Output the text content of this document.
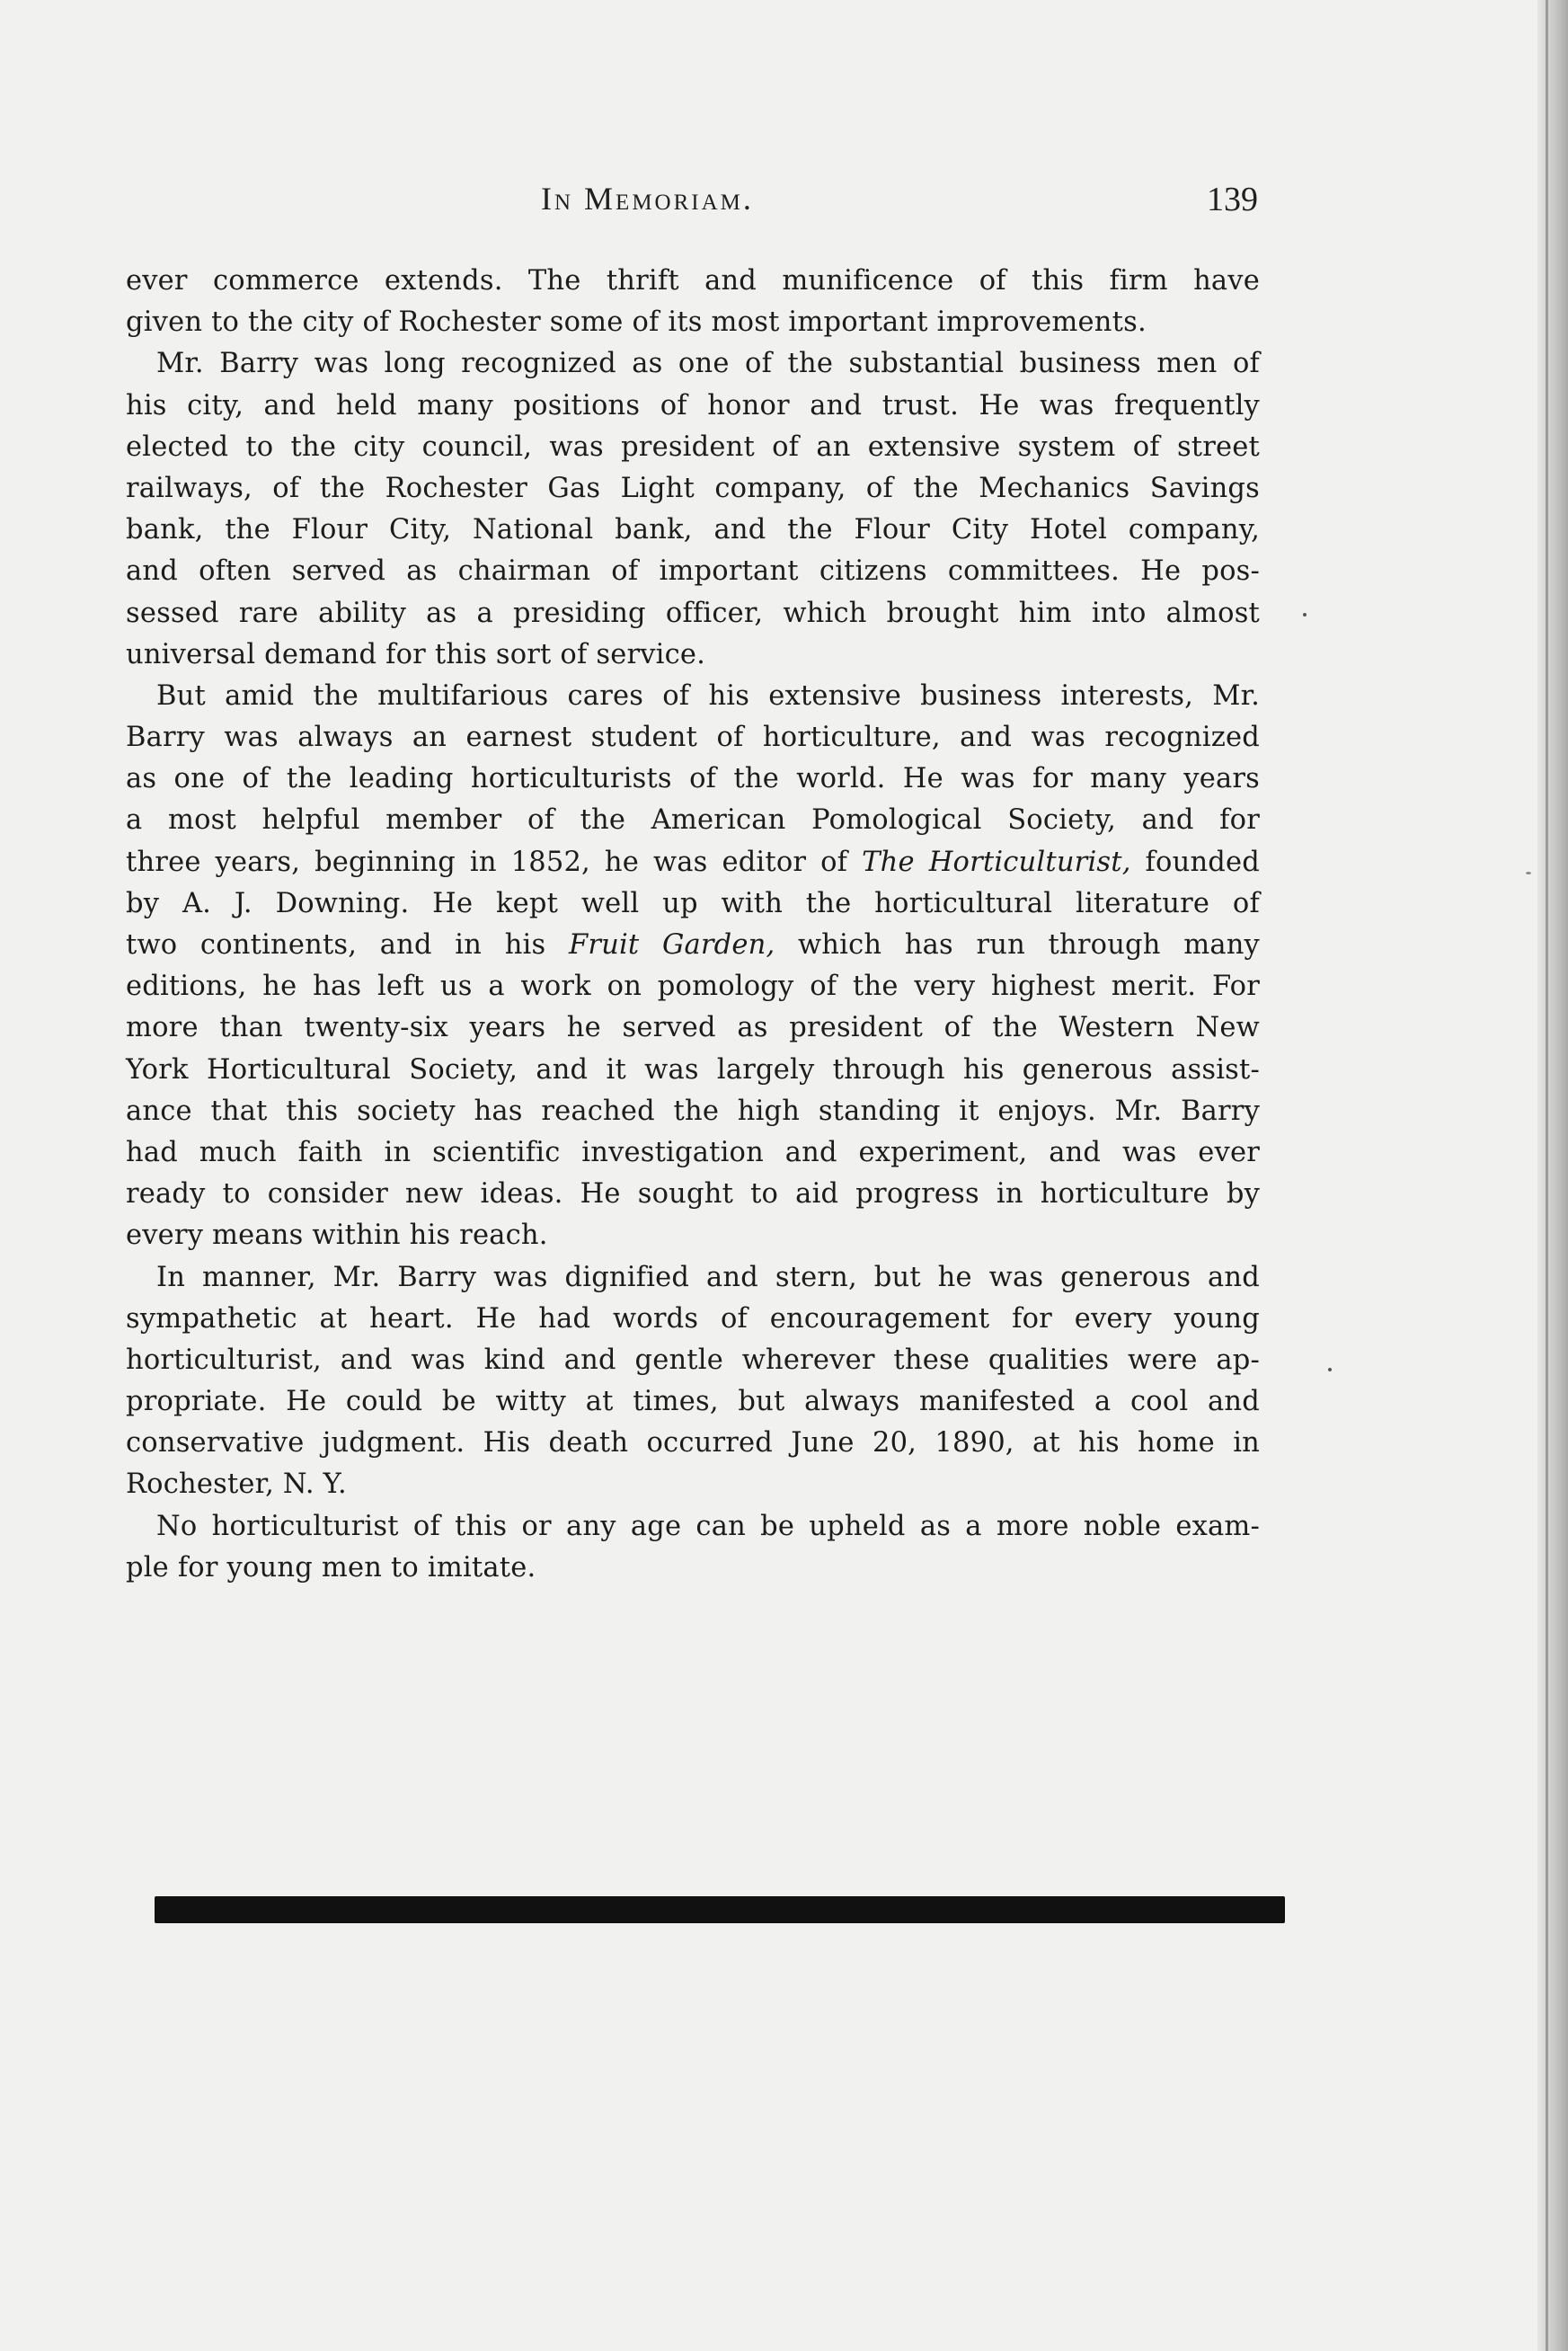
In Memoriam.	139
ever commerce extends. The thrift and munificence of this firm have
given to the city of Rochester some of its most important improvements.
Mr. Barry was long recognized as one of the substantial business men of
his city, and held many positions of honor and trust. He was frequently
elected to the city council, was president of an extensive system of street
railways, of the Rochester Gas Light company, of the Mechanics Savings
bank, the Flour City, National bank, and the Flour City Hotel company,
and often served as chairman of important citizens committees. He pos-
sessed rare ability as a presiding officer, which brought him into almost
universal demand for this sort of service.
But amid the multifarious cares of his extensive business interests, Mr.
Barry was always an earnest student of horticulture, and was recognized
as one of the leading horticulturists of the world. He was for many years
a most helpful member of the American Pomological Society, and for
three years, beginning in 1852, he was editor of The Horticulturist, founded
by A. J. Downing. He kept well up with the horticultural literature of
two continents, and in his Fruit Garden, which has run through many
editions, he has left us a work on pomology of the very highest merit. For
more than twenty-six years he served as president of the Western New
York Horticultural Society, and it was largely through his generous assist-
ance that this society has reached the high standing it enjoys. Mr. Barry
had much faith in scientific investigation and experiment, and was ever
ready to consider new ideas. He sought to aid progress in horticulture by
every means within his reach.
In manner, Mr. Barry was dignified and stern, but he was generous and
sympathetic at heart. He had words of encouragement for every young
horticulturist, and was kind and gentle wherever these qualities were ap-
propriate. He could be witty at times, but always manifested a cool and
conservative judgment. His death occurred June 20, 1890, at his home in
Rochester, N. Y.
No horticulturist of this or any age can be upheld as a more noble exam-
ple for young men to imitate.
